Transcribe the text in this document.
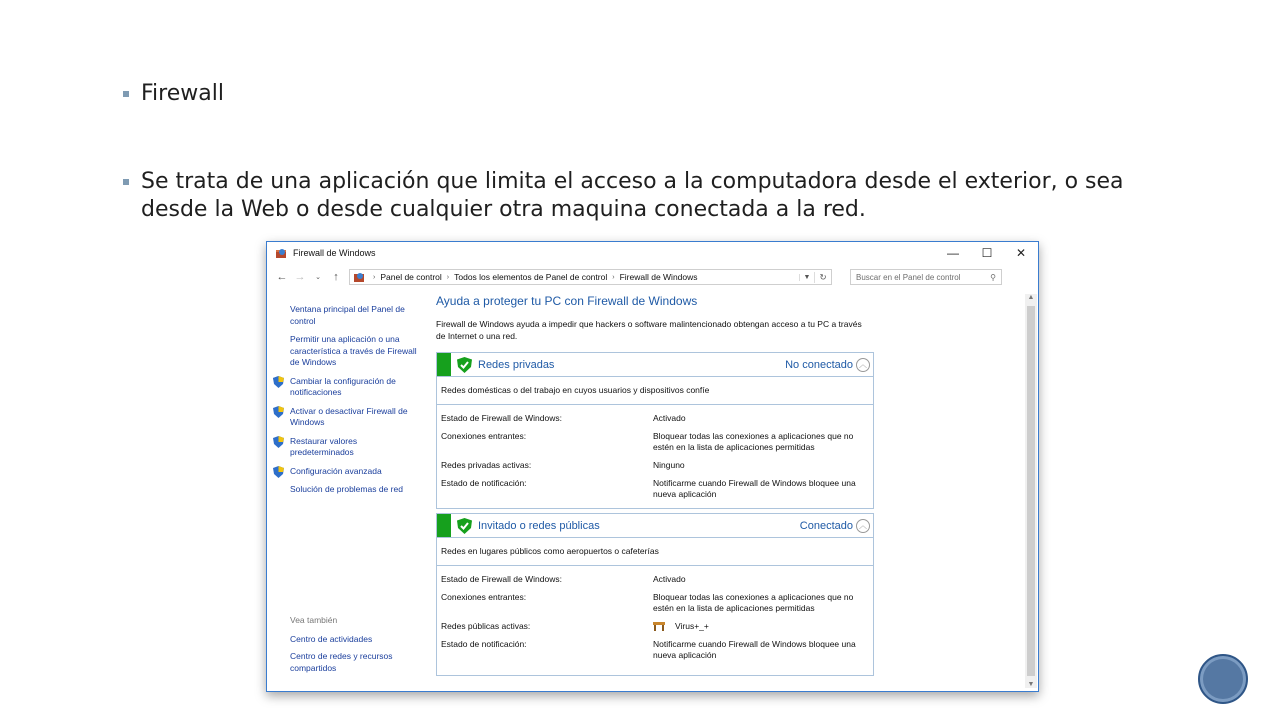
Firewall
Se trata de una aplicación que limita el acceso a la computadora desde el exterior, o sea desde la Web o desde cualquier otra maquina conectada a la red.
Firewall de Windows	—	☐	✕
← →	⌄	↑	› Panel de control › Todos los elementos de Panel de control › Firewall de Windows	▼	↻	Buscar en el Panel de control	⚲
Ventana principal del Panel de control
Permitir una aplicación o una característica a través de Firewall de Windows
Cambiar la configuración de notificaciones
Activar o desactivar Firewall de Windows
Restaurar valores predeterminados
Configuración avanzada
Solución de problemas de red
Vea también
Centro de actividades
Centro de redes y recursos compartidos
Ayuda a proteger tu PC con Firewall de Windows
Firewall de Windows ayuda a impedir que hackers o software malintencionado obtengan acceso a tu PC a través de Internet o una red.
Redes privadas	No conectado ︿
Redes domésticas o del trabajo en cuyos usuarios y dispositivos confíe
Estado de Firewall de Windows:	Activado
Conexiones entrantes:	Bloquear todas las conexiones a aplicaciones que no estén en la lista de aplicaciones permitidas
Redes privadas activas:	Ninguno
Estado de notificación:	Notificarme cuando Firewall de Windows bloquee una nueva aplicación
Invitado o redes públicas	Conectado ︿
Redes en lugares públicos como aeropuertos o cafeterías
Estado de Firewall de Windows:	Activado
Conexiones entrantes:	Bloquear todas las conexiones a aplicaciones que no estén en la lista de aplicaciones permitidas
Redes públicas activas:	Virus+_+
Estado de notificación:	Notificarme cuando Firewall de Windows bloquee una nueva aplicación
▲
▼
